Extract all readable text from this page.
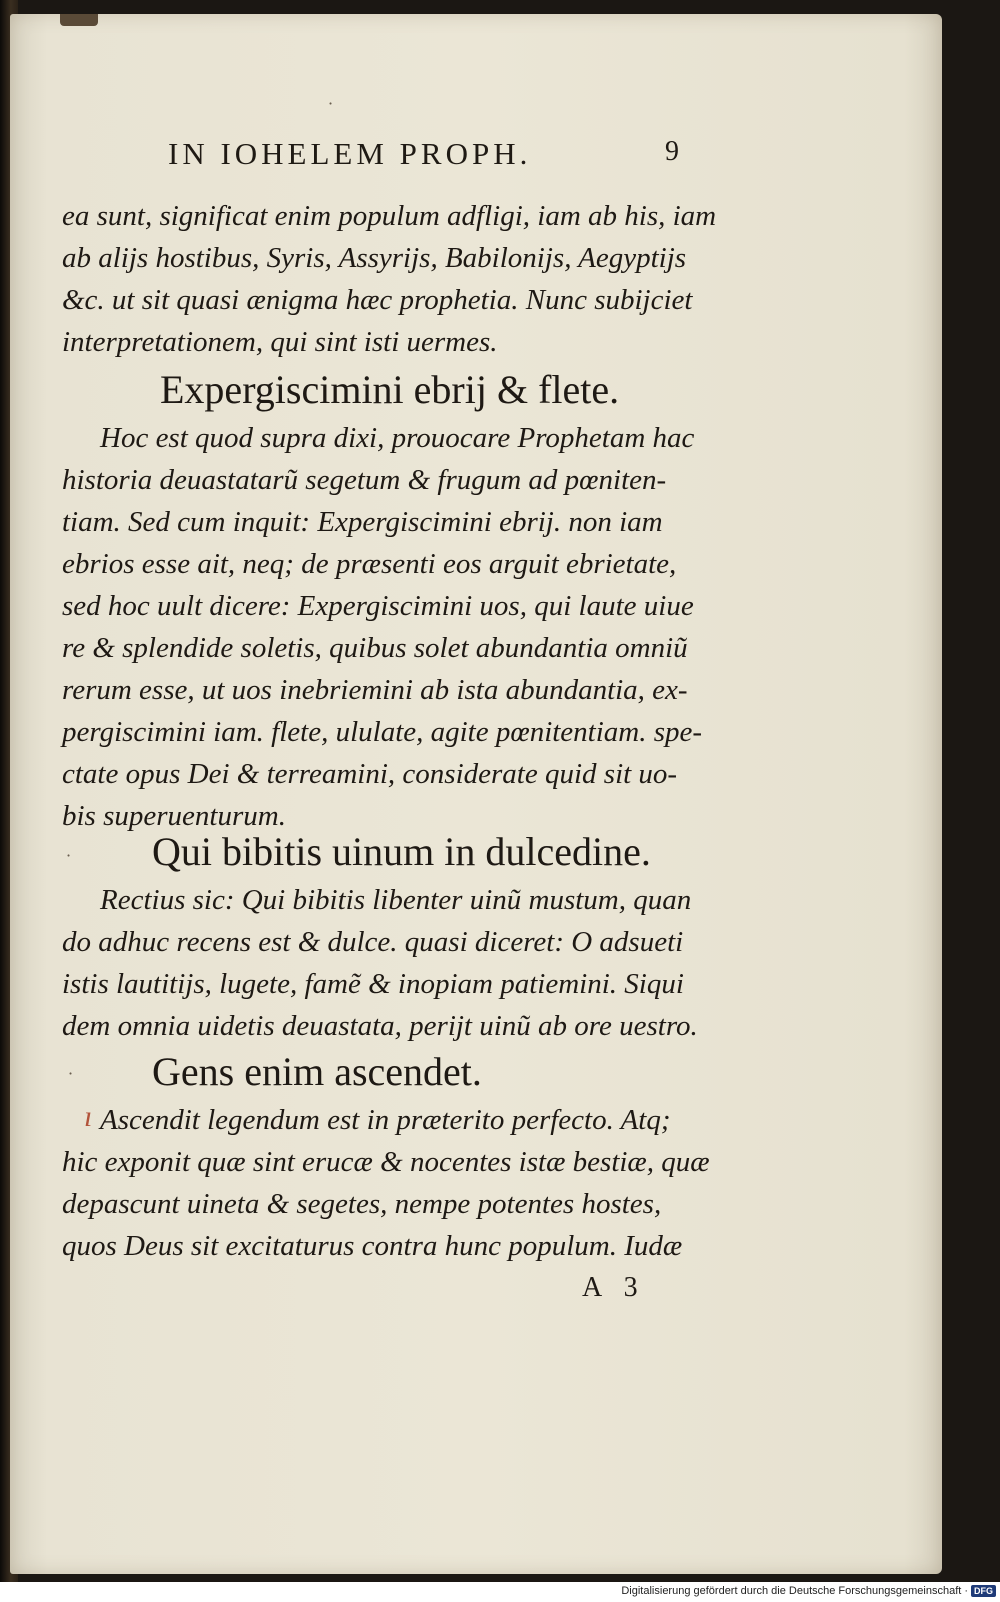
·
IN IOHELEM PROPH.	9
ea sunt, significat enim populum adfligi, iam ab his, iam
ab alijs hostibus, Syris, Assyrijs, Babilonijs, Aegyptijs
&c. ut sit quasi ænigma hæc prophetia. Nunc subijciet
interpretationem, qui sint isti uermes.
Expergiscimini ebrij & flete.
Hoc est quod supra dixi, prouocare Prophetam hac
historia deuastatarũ segetum & frugum ad pœniten-
tiam. Sed cum inquit: Expergiscimini ebrij. non iam
ebrios esse ait, neq; de præsenti eos arguit ebrietate,
sed hoc uult dicere: Expergiscimini uos, qui laute uiue
re & splendide soletis, quibus solet abundantia omniũ
rerum esse, ut uos inebriemini ab ista abundantia, ex-
pergiscimini iam. flete, ululate, agite pœnitentiam. spe-
ctate opus Dei & terreamini, considerate quid sit uo-
bis superuenturum.
· Qui bibitis uinum in dulcedine.
Rectius sic: Qui bibitis libenter uinũ mustum, quan
do adhuc recens est & dulce. quasi diceret: O adsueti
istis lautitijs, lugete, famẽ & inopiam patiemini. Siqui
dem omnia uidetis deuastata, perijt uinũ ab ore uestro.
· Gens enim ascendet.
ı Ascendit legendum est in præterito perfecto. Atq;
hic exponit quæ sint erucæ & nocentes istæ bestiæ, quæ
depascunt uineta & segetes, nempe potentes hostes,
quos Deus sit excitaturus contra hunc populum. Iudæ
A 3
Digitalisierung gefördert durch die Deutsche Forschungsgemeinschaft · DFG
